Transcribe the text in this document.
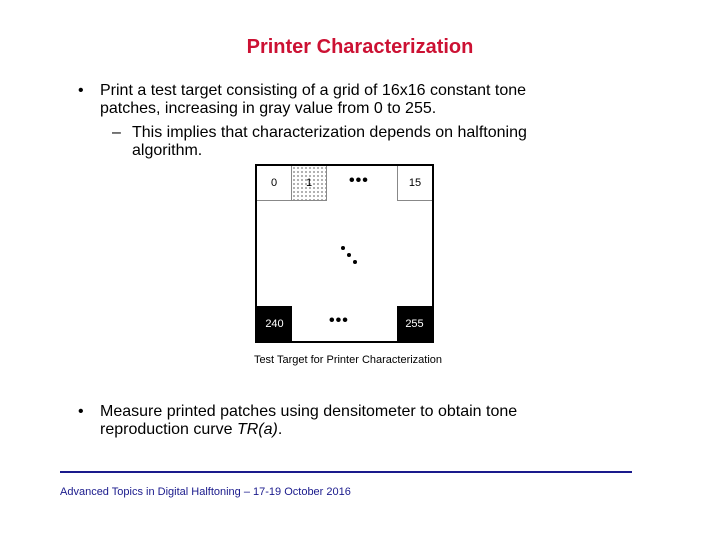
Printer Characterization
•	Print a test target consisting of a grid of 16x16 constant tone
patches, increasing in gray value from 0 to 255.
– This implies that characterization depends on halftoning
algorithm.
0	1	15
240	255
•••
•••
Test Target for Printer Characterization
•	Measure printed patches using densitometer to obtain tone
reproduction curve TR(a).
Advanced Topics in Digital Halftoning – 17-19 October 2016
